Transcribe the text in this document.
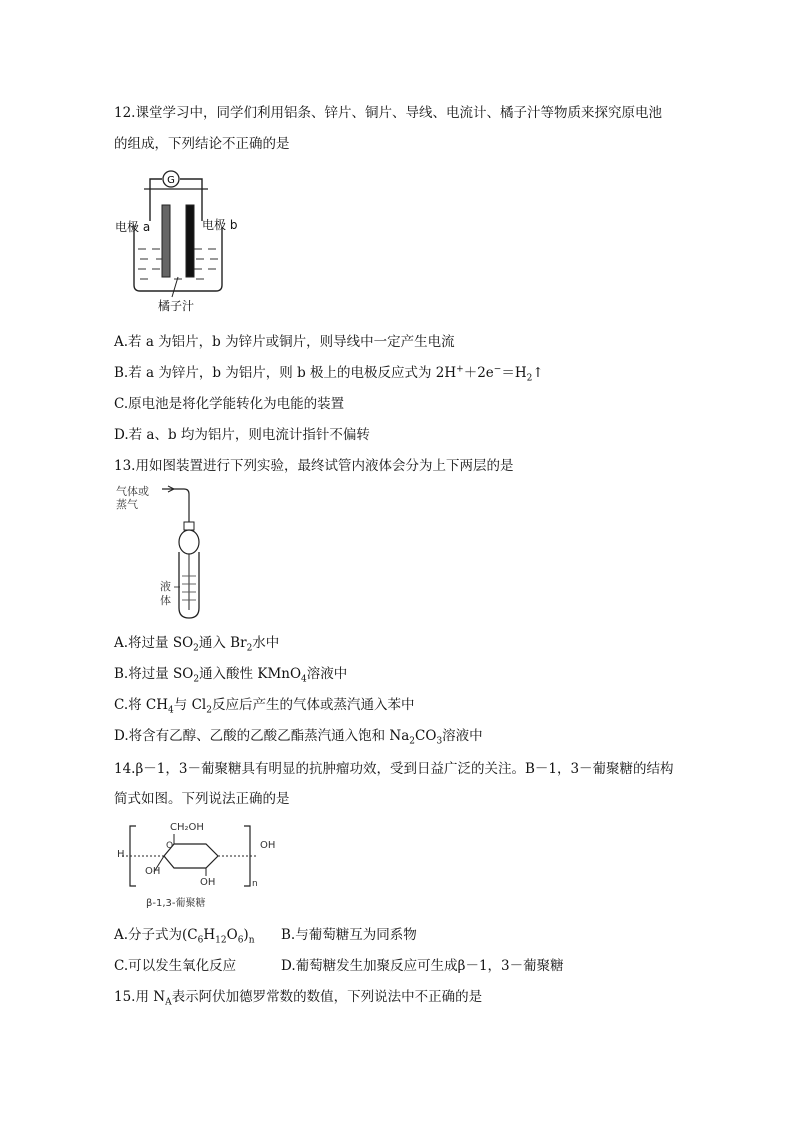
12.课堂学习中，同学们利用铝条、锌片、铜片、导线、电流计、橘子汁等物质来探究原电池
的组成，下列结论不正确的是
G
电极 a	电极 b
橘子汁
A.若 a 为铝片，b 为锌片或铜片，则导线中一定产生电流
B.若 a 为锌片，b 为铝片，则 b 极上的电极反应式为 $2H^++2e^-=H_2↑$
C.原电池是将化学能转化为电能的装置
D.若 a、b 均为铝片，则电流计指针不偏转
13.用如图装置进行下列实验，最终试管内液体会分为上下两层的是
气体或
蒸气
液
体
A.将过量 $SO_2$通入 $Br_2$水中
B.将过量 $SO_2$通入酸性 KMnO$_4$溶液中
C.将 $CH_4$与 $Cl_2$反应后产生的气体或蒸汽通入苯中
D.将含有乙醇、乙酸的乙酸乙酯蒸汽通入饱和 $Na_2CO_3$溶液中
14.β－1，3－葡聚糖具有明显的抗肿瘤功效，受到日益广泛的关注。B－1，3－葡聚糖的结构
简式如图。下列说法正确的是
CH₂OH
H
O	OH
OH
OH	n
β-1,3-葡聚糖
A.分子式为$(C_6H_{12}O_6)_n$ B.与葡萄糖互为同系物
C.可以发生氧化反应	D.葡萄糖发生加聚反应可生成β－1，3－葡聚糖
15.用 $N_A$表示阿伏加德罗常数的数值，下列说法中不正确的是
